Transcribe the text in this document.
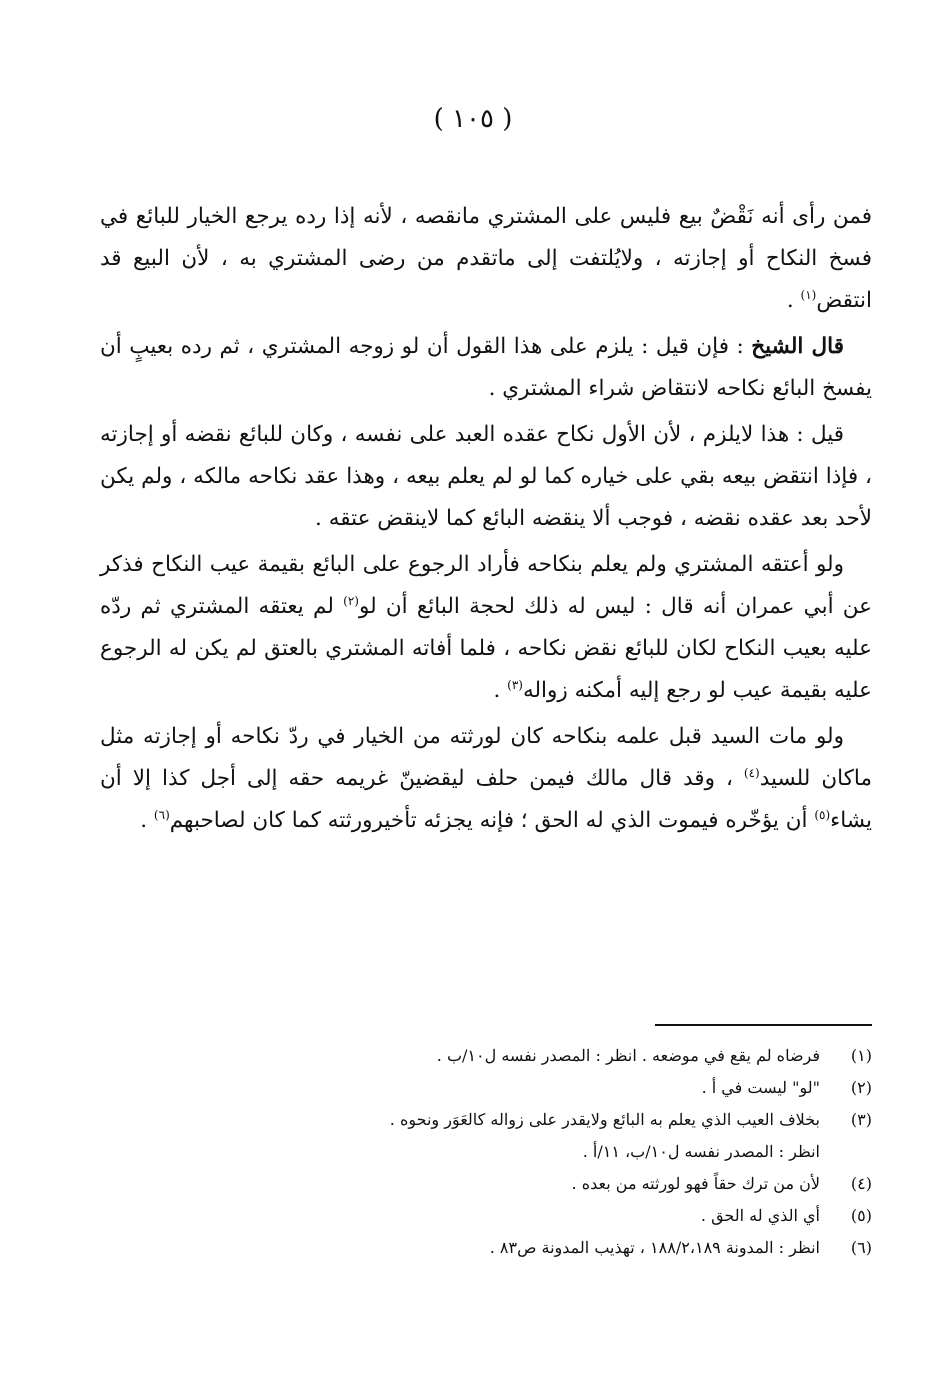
( ١٠٥ )

فمن رأى أنه نَقْضٌ بيع فليس على المشتري مانقصه ، لأنه إذا رده يرجع الخيار للبائع في فسخ النكاح أو إجازته ، ولايُلتفت إلى ماتقدم من رضى المشتري به ، لأن البيع قد انتقض$^{(١)}$ .

قال الشيخ : فإن قيل : يلزم على هذا القول أن لو زوجه المشتري ، ثم رده بعيبٍ أن يفسخ البائع نكاحه لانتقاض شراء المشتري .

قيل : هذا لايلزم ، لأن الأول نكاح عقده العبد على نفسه ، وكان للبائع نقضه أو إجازته ، فإذا انتقض بيعه بقي على خياره كما لو لم يعلم بيعه ، وهذا عقد نكاحه مالكه ، ولم يكن لأحد بعد عقده نقضه ، فوجب ألا ينقضه البائع كما لاينقض عتقه .

ولو أعتقه المشتري ولم يعلم بنكاحه فأراد الرجوع على البائع بقيمة عيب النكاح فذكر عن أبي عمران أنه قال : ليس له ذلك لحجة البائع أن لو$^{(٢)}$ لم يعتقه المشتري ثم ردّه عليه بعيب النكاح لكان للبائع نقض نكاحه ، فلما أفاته المشتري بالعتق لم يكن له الرجوع عليه بقيمة عيب لو رجع إليه أمكنه زواله$^{(٣)}$ .

ولو مات السيد قبل علمه بنكاحه كان لورثته من الخيار في ردّ نكاحه أو إجازته مثل ماكان للسيد$^{(٤)}$ ، وقد قال مالك فيمن حلف ليقضينّ غريمه حقه إلى أجل كذا إلا أن يشاء$^{(٥)}$ أن يؤخّره فيموت الذي له الحق ؛ فإنه يجزئه تأخيرورثته كما كان لصاحبهم$^{(٦)}$ .

(١)
فرضاه لم يقع في موضعه . انظر : المصدر نفسه ل١٠/ب .
(٢)
"لو" ليست في أ .
(٣)
بخلاف العيب الذي يعلم به البائع ولايقدر على زواله كالعَوَر ونحوه .
انظر : المصدر نفسه ل١٠/ب، ١١/أ .
(٤)
لأن من ترك حقاً فهو لورثته من بعده .
(٥)
أي الذي له الحق .
(٦)
انظر : المدونة ١٨٨/٢،١٨٩ ، تهذيب المدونة ص٨٣ .
